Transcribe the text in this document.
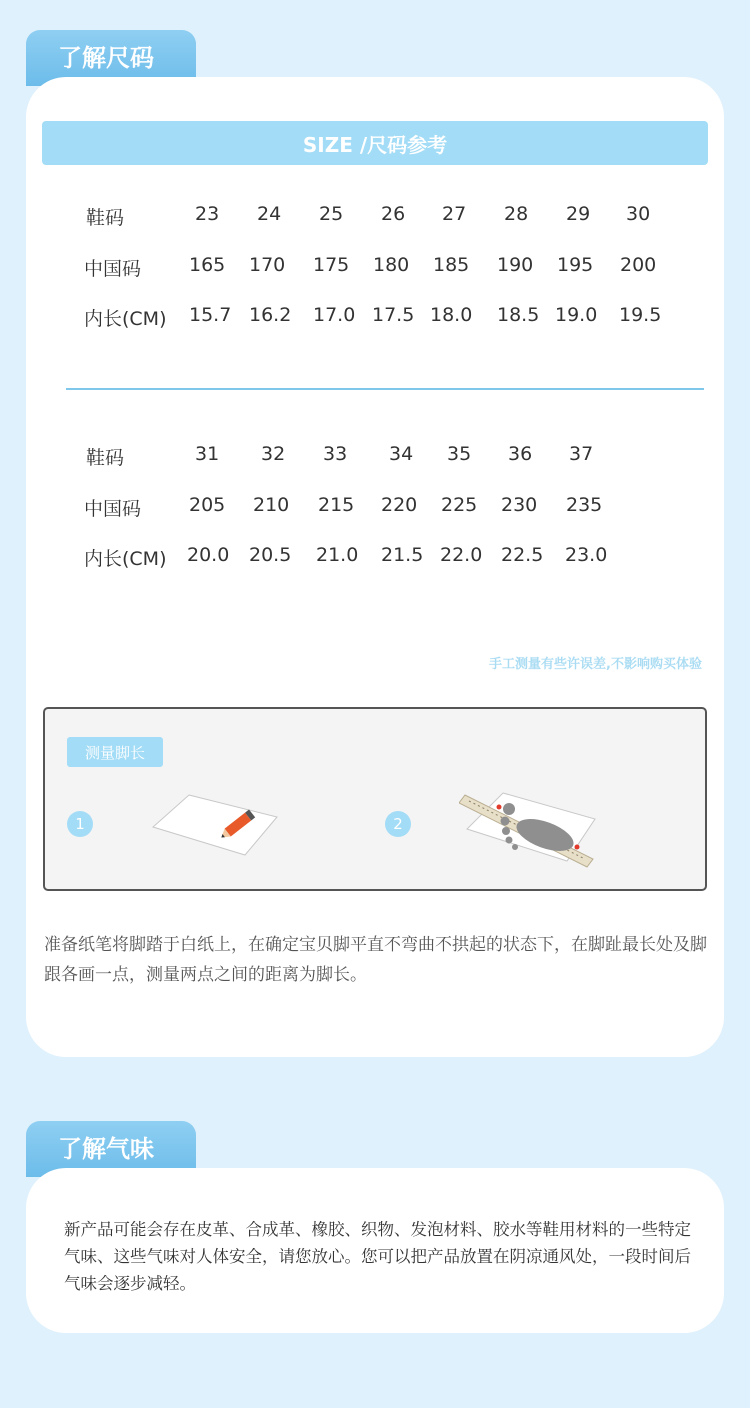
了解尺码
SIZE /尺码参考
鞋码	23 24 25 26 27 28 29 30
中国码	165 170 175 180 185 190 195 200
内长(CM) 15.7 16.2 17.0 17.5 18.0 18.5 19.0 19.5
鞋码	31 32 33 34 35 36 37
中国码	205 210 215 220 225 230 235
内长(CM) 20.0 20.5 21.0 21.5 22.0 22.5 23.0
手工测量有些许误差,不影响购买体验
测量脚长
1	2
准备纸笔将脚踏于白纸上，在确定宝贝脚平直不弯曲不拱起的状态下，在脚趾最长处及脚跟各画一点，测量两点之间的距离为脚长。
了解气味
新产品可能会存在皮革、合成革、橡胶、织物、发泡材料、胶水等鞋用材料的一些特定气味、这些气味对人体安全，请您放心。您可以把产品放置在阴凉通风处，一段时间后气味会逐步减轻。
